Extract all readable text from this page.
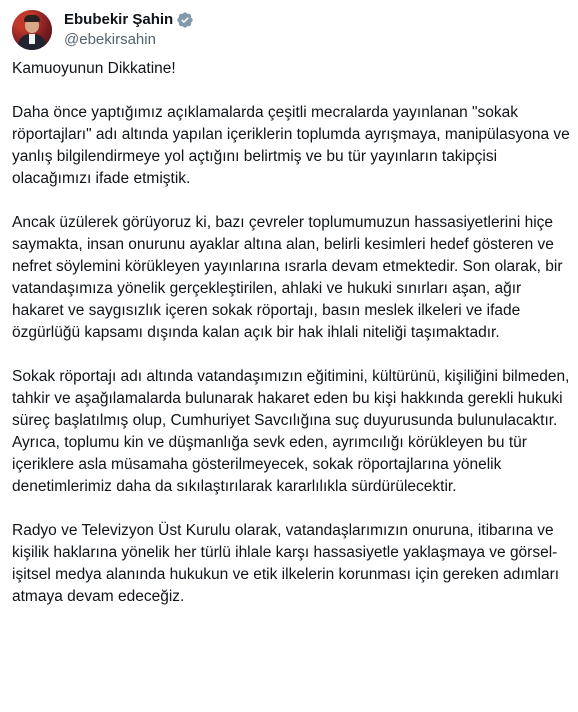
Ebubekir Şahin
@ebekirsahin

Kamuoyunun Dikkatine!

Daha önce yaptığımız açıklamalarda çeşitli mecralarda yayınlanan "sokak röportajları" adı altında yapılan içeriklerin toplumda ayrışmaya, manipülasyona ve yanlış bilgilendirmeye yol açtığını belirtmiş ve bu tür yayınların takipçisi olacağımızı ifade etmiştik.

Ancak üzülerek görüyoruz ki, bazı çevreler toplumumuzun hassasiyetlerini hiçe saymakta, insan onurunu ayaklar altına alan, belirli kesimleri hedef gösteren ve nefret söylemini körükleyen yayınlarına ısrarla devam etmektedir. Son olarak, bir vatandaşımıza yönelik gerçekleştirilen, ahlaki ve hukuki sınırları aşan, ağır hakaret ve saygısızlık içeren sokak röportajı, basın meslek ilkeleri ve ifade özgürlüğü kapsamı dışında kalan açık bir hak ihlali niteliği taşımaktadır.

Sokak röportajı adı altında vatandaşımızın eğitimini, kültürünü, kişiliğini bilmeden, tahkir ve aşağılamalarda bulunarak hakaret eden bu kişi hakkında gerekli hukuki süreç başlatılmış olup, Cumhuriyet Savcılığına suç duyurusunda bulunulacaktır. Ayrıca, toplumu kin ve düşmanlığa sevk eden, ayrımcılığı körükleyen bu tür içeriklere asla müsamaha gösterilmeyecek, sokak röportajlarına yönelik denetimlerimiz daha da sıkılaştırılarak kararlılıkla sürdürülecektir.

Radyo ve Televizyon Üst Kurulu olarak, vatandaşlarımızın onuruna, itibarına ve kişilik haklarına yönelik her türlü ihlale karşı hassasiyetle yaklaşmaya ve görsel-işitsel medya alanında hukukun ve etik ilkelerin korunması için gereken adımları atmaya devam edeceğiz.
